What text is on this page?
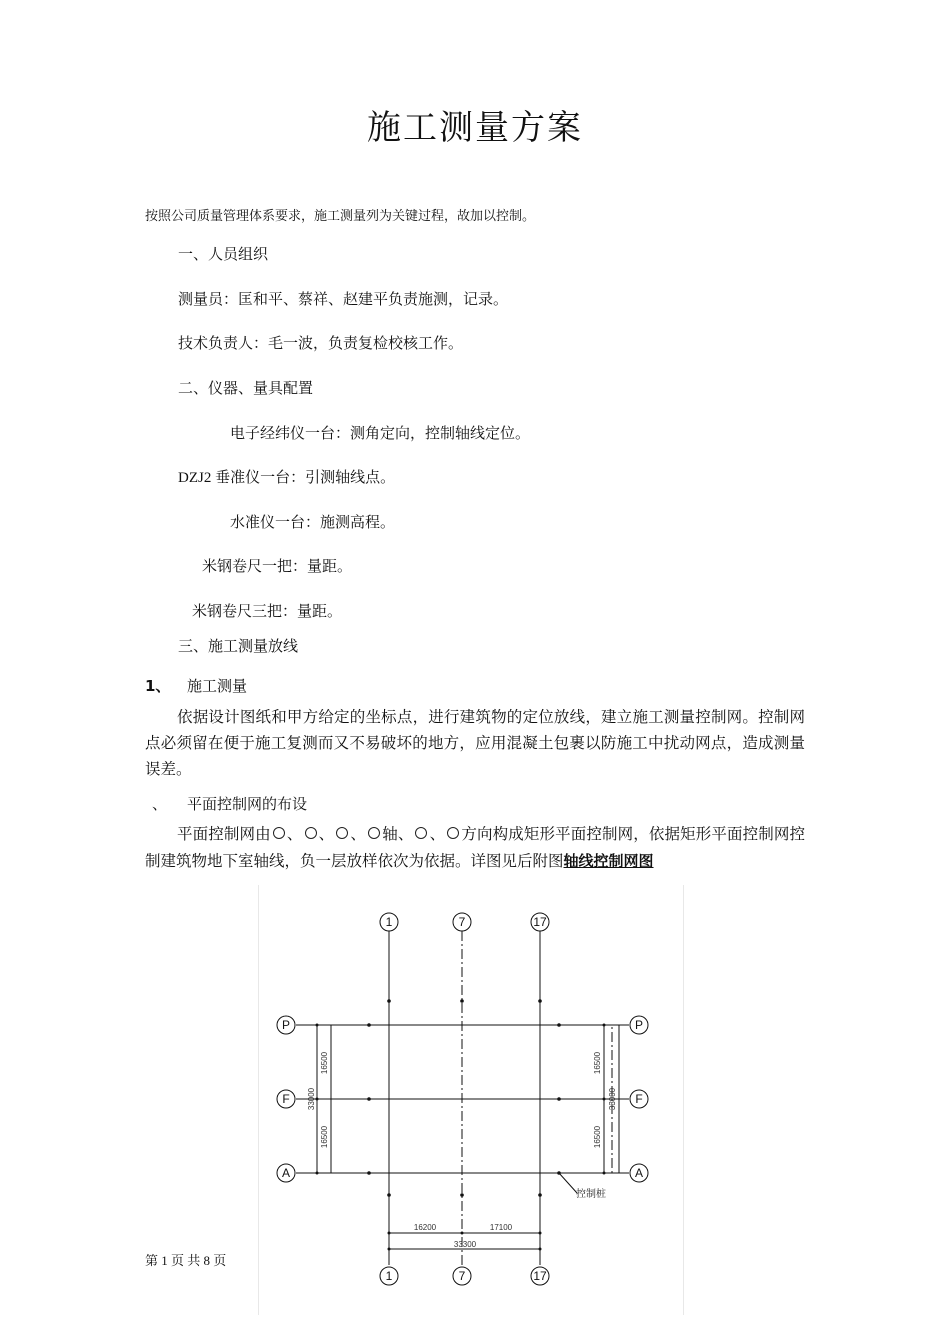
施工测量方案
按照公司质量管理体系要求，施工测量列为关键过程，故加以控制。
一、人员组织
测量员：匡和平、蔡祥、赵建平负责施测，记录。
技术负责人：毛一波，负责复检校核工作。
二、仪器、量具配置
电子经纬仪一台：测角定向，控制轴线定位。
DZJ2 垂准仪一台：引测轴线点。
水准仪一台：施测高程。
米钢卷尺一把：量距。
米钢卷尺三把：量距。
三、施工测量放线
1、 施工测量
依据设计图纸和甲方给定的坐标点，进行建筑物的定位放线，建立施工测量控制网。控制网点必须留在便于施工复测而又不易破坏的地方，应用混凝土包裹以防施工中扰动网点，造成测量误差。
、 平面控制网的布设
平面控制网由 、 、 、 轴、 、 方向构成矩形平面控制网，依据矩形平面控制网控制建筑物地下室轴线，负一层放样依次为依据。详图见后附图轴线控制网图
1	7	17
1	7	17
P
F
A
P
F
A
16500
16500
33000
16500
16500
33000
16200	17100
33300
控制桩
第 1 页 共 8 页
